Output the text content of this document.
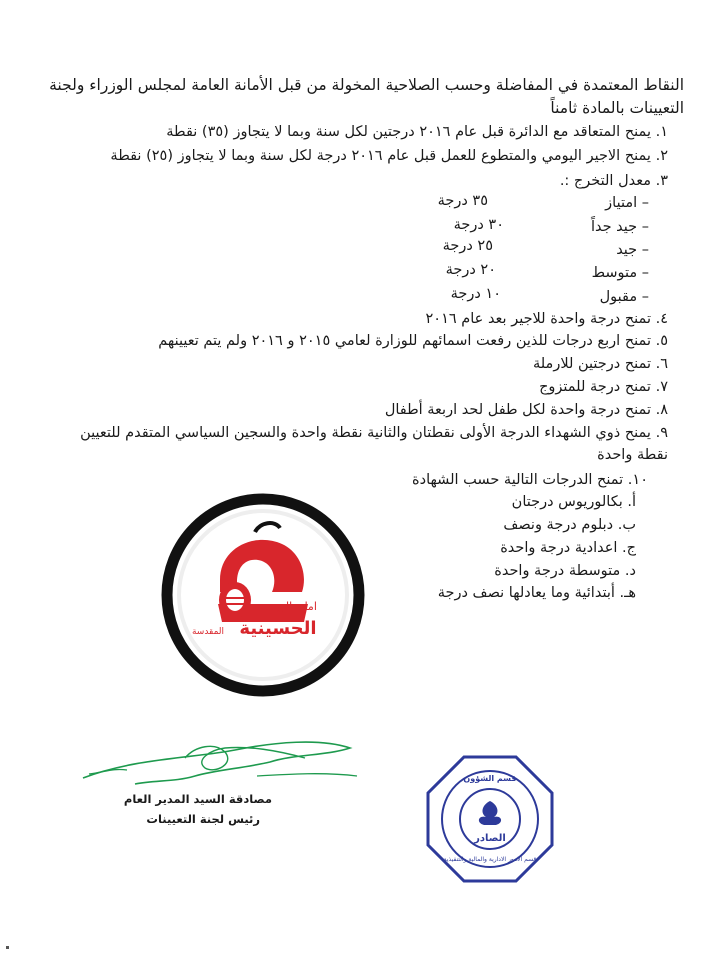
النقاط المعتمدة في المفاضلة وحسب الصلاحية المخولة من قبل الأمانة العامة لمجلس الوزراء ولجنة
التعيينات بالمادة ثامناً
١. يمنح المتعاقد مع الدائرة قبل عام ٢٠١٦ درجتين لكل سنة وبما لا يتجاوز (٣٥) نقطة
٢. يمنح الاجير اليومي والمتطوع للعمل قبل عام ٢٠١٦ درجة لكل سنة وبما لا يتجاوز (٢٥) نقطة
٣. معدل التخرج :.
– امتياز
٣٥ درجة
– جيد جداً
٣٠ درجة
– جيد
٢٥ درجة
– متوسط
٢٠ درجة
– مقبول
١٠ درجة
٤. تمنح درجة واحدة للاجير بعد عام ٢٠١٦
٥. تمنح اربع درجات للذين رفعت اسمائهم للوزارة لعامي ٢٠١٥ و ٢٠١٦ ولم يتم تعيينهم
٦. تمنح درجتين للارملة
٧. تمنح درجة للمتزوج
٨. تمنح درجة واحدة لكل طفل لحد اربعة أطفال
٩. يمنح ذوي الشهداء الدرجة الأولى نقطتان والثانية نقطة واحدة والسجين السياسي المتقدم للتعيين
نقطة واحدة
١٠. تمنح الدرجات التالية حسب الشهادة
أ. بكالوريوس درجتان
ب. دبلوم درجة ونصف
ج. اعدادية درجة واحدة
د. متوسطة درجة واحدة
هـ. أبتدائية وما يعادلها نصف درجة
امانة الروضة
الحسينية
المقدسة
مصادقة السيد المدير العام
رئيس لجنة التعيينات
قسم الشؤون
الصادر
قسم الامور الادارية والمالية والتنفيذية
